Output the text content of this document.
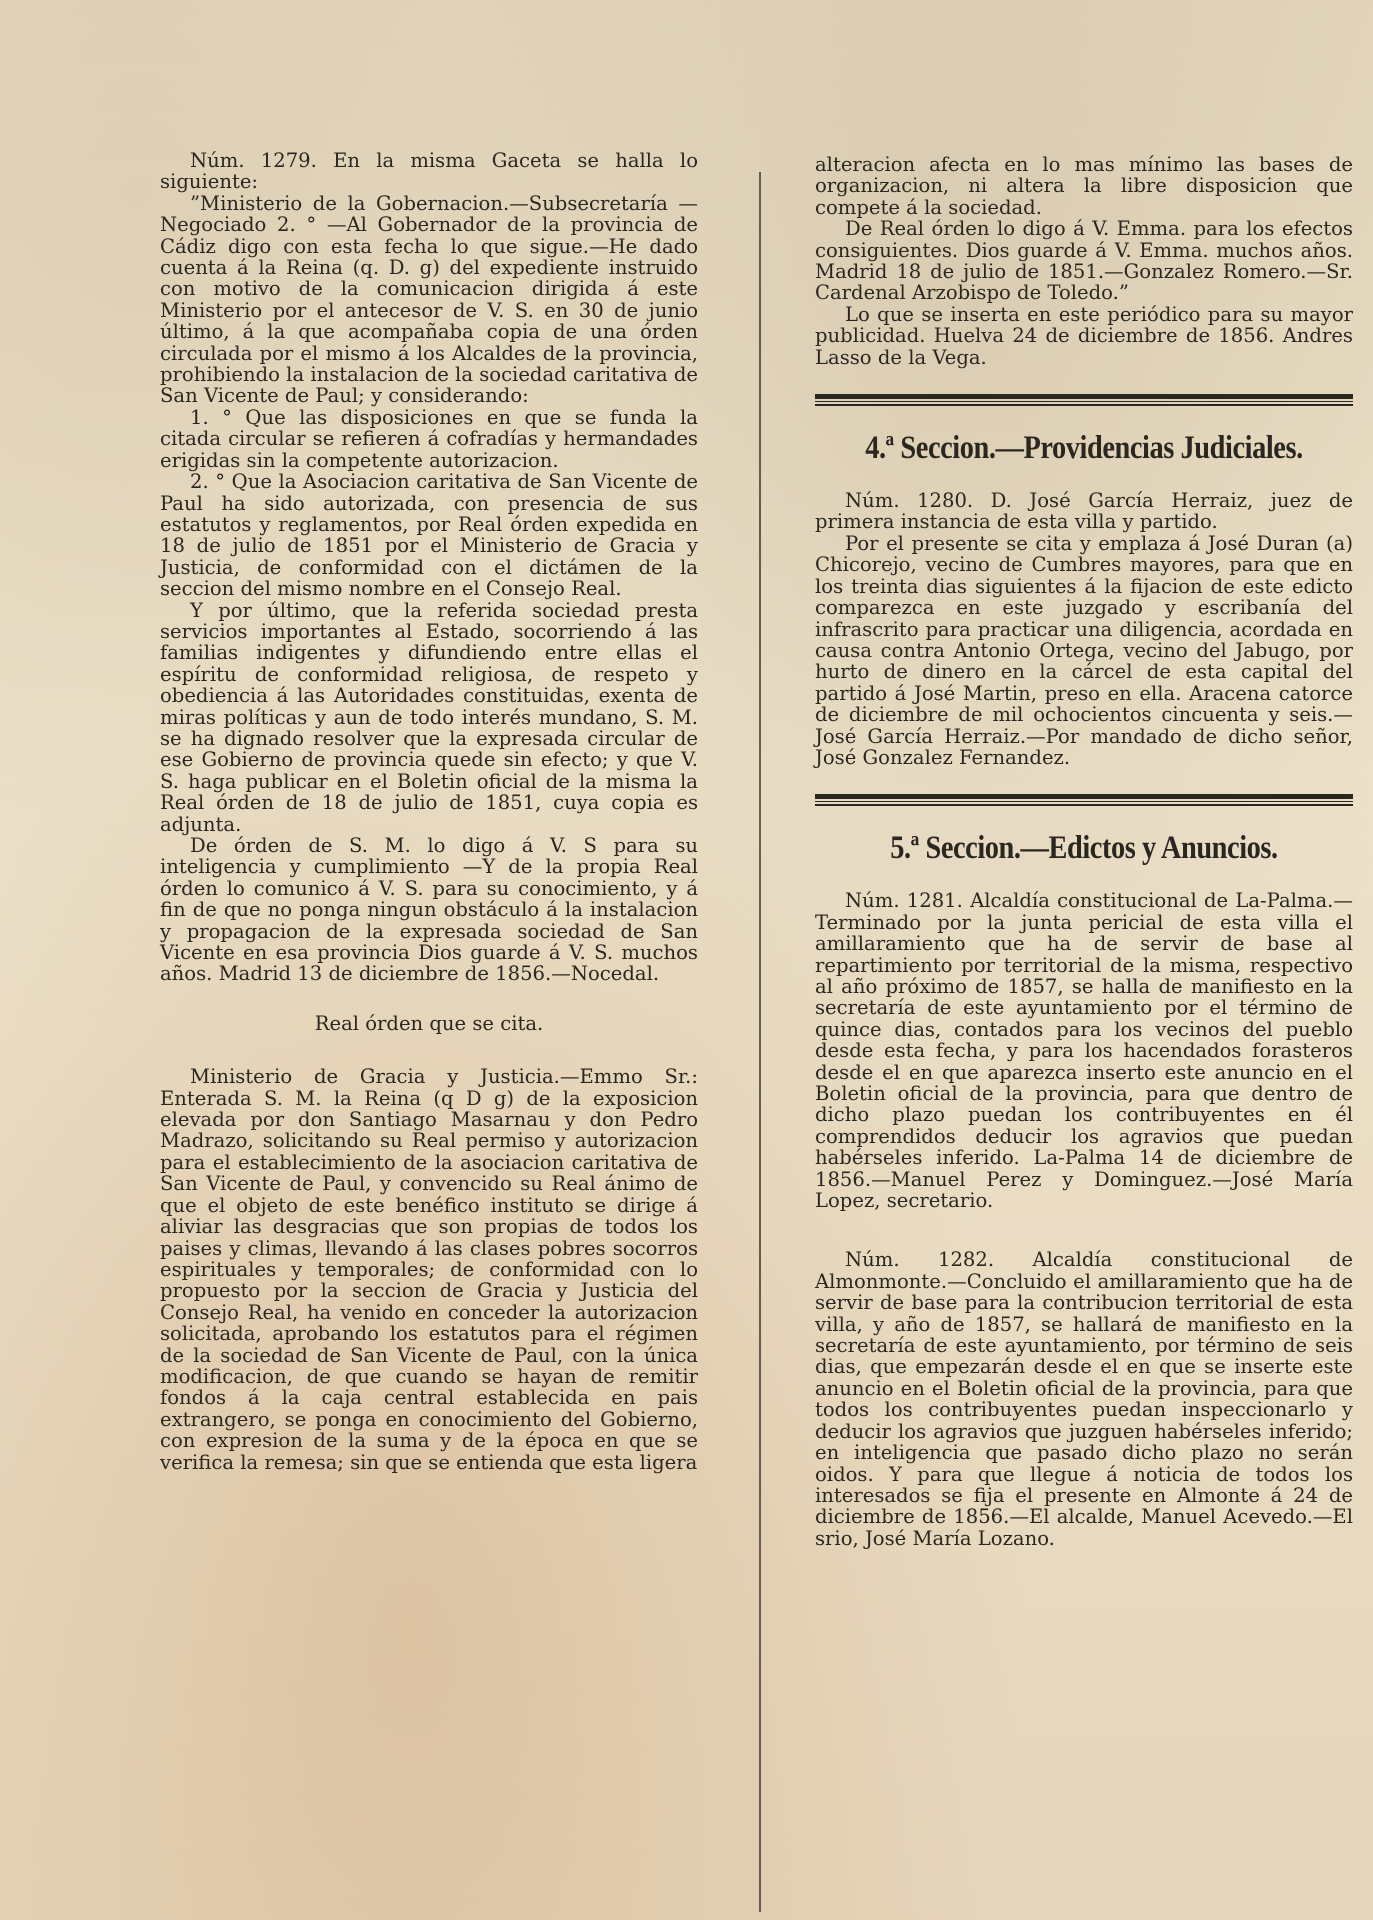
Núm. 1279. En la misma Gaceta se halla lo siguiente:

”Ministerio de la Gobernacion.—Subsecretaría —Negociado 2. ° —Al Gobernador de la provincia de Cádiz digo con esta fecha lo que sigue.—He dado cuenta á la Reina (q. D. g) del expediente instruido con motivo de la comunicacion dirigida á este Ministerio por el antecesor de V. S. en 30 de junio último, á la que acompañaba copia de una órden circulada por el mismo á los Alcaldes de la provincia, prohibiendo la instalacion de la sociedad caritativa de San Vicente de Paul; y considerando:

1. ° Que las disposiciones en que se funda la citada circular se refieren á cofradías y hermandades erigidas sin la competente autorizacion.

2. ° Que la Asociacion caritativa de San Vicente de Paul ha sido autorizada, con presencia de sus estatutos y reglamentos, por Real órden expedida en 18 de julio de 1851 por el Ministerio de Gracia y Justicia, de conformidad con el dictámen de la seccion del mismo nombre en el Consejo Real.

Y por último, que la referida sociedad presta servicios importantes al Estado, socorriendo á las familias indigentes y difundiendo entre ellas el espíritu de conformidad religiosa, de respeto y obediencia á las Autoridades constituidas, exenta de miras políticas y aun de todo interés mundano, S. M. se ha dignado resolver que la expresada circular de ese Gobierno de provincia quede sin efecto; y que V. S. haga publicar en el Boletin oficial de la misma la Real órden de 18 de julio de 1851, cuya copia es adjunta.

De órden de S. M. lo digo á V. S para su inteligencia y cumplimiento —Y de la propia Real órden lo comunico á V. S. para su conocimiento, y á fin de que no ponga ningun obstáculo á la instalacion y propagacion de la expresada sociedad de San Vicente en esa provincia Dios guarde á V. S. muchos años. Madrid 13 de diciembre de 1856.—Nocedal.

Real órden que se cita.

Ministerio de Gracia y Justicia.—Emmo Sr.: Enterada S. M. la Reina (q D g) de la exposicion elevada por don Santiago Masarnau y don Pedro Madrazo, solicitando su Real permiso y autorizacion para el establecimiento de la asociacion caritativa de San Vicente de Paul, y convencido su Real ánimo de que el objeto de este benéfico instituto se dirige á aliviar las desgracias que son propias de todos los paises y climas, llevando á las clases pobres socorros espirituales y temporales; de conformidad con lo propuesto por la seccion de Gracia y Justicia del Consejo Real, ha venido en conceder la autorizacion solicitada, aprobando los estatutos para el régimen de la sociedad de San Vicente de Paul, con la única modificacion, de que cuando se hayan de remitir fondos á la caja central establecida en pais extrangero, se ponga en conocimiento del Gobierno, con expresion de la suma y de la época en que se verifica la remesa; sin que se entienda que esta ligera

alteracion afecta en lo mas mínimo las bases de organizacion, ni altera la libre disposicion que compete á la sociedad.

De Real órden lo digo á V. Emma. para los efectos consiguientes. Dios guarde á V. Emma. muchos años. Madrid 18 de julio de 1851.—Gonzalez Romero.—Sr. Cardenal Arzobispo de Toledo.”

Lo que se inserta en este periódico para su mayor publicidad. Huelva 24 de diciembre de 1856. Andres Lasso de la Vega.

4.ª Seccion.—Providencias Judiciales.

Núm. 1280. D. José García Herraiz, juez de primera instancia de esta villa y partido.

Por el presente se cita y emplaza á José Duran (a) Chicorejo, vecino de Cumbres mayores, para que en los treinta dias siguientes á la fijacion de este edicto comparezca en este juzgado y escribanía del infrascrito para practicar una diligencia, acordada en causa contra Antonio Ortega, vecino del Jabugo, por hurto de dinero en la cárcel de esta capital del partido á José Martin, preso en ella. Aracena catorce de diciembre de mil ochocientos cincuenta y seis.—José García Herraiz.—Por mandado de dicho señor, José Gonzalez Fernandez.

5.ª Seccion.—Edictos y Anuncios.

Núm. 1281. Alcaldía constitucional de La-Palma.—Terminado por la junta pericial de esta villa el amillaramiento que ha de servir de base al repartimiento por territorial de la misma, respectivo al año próximo de 1857, se halla de manifiesto en la secretaría de este ayuntamiento por el término de quince dias, contados para los vecinos del pueblo desde esta fecha, y para los hacendados forasteros desde el en que aparezca inserto este anuncio en el Boletin oficial de la provincia, para que dentro de dicho plazo puedan los contribuyentes en él comprendidos deducir los agravios que puedan habérseles inferido. La-Palma 14 de diciembre de 1856.—Manuel Perez y Dominguez.—José María Lopez, secretario.

Núm. 1282. Alcaldía constitucional de Almonmonte.—Concluido el amillaramiento que ha de servir de base para la contribucion territorial de esta villa, y año de 1857, se hallará de manifiesto en la secretaría de este ayuntamiento, por término de seis dias, que empezarán desde el en que se inserte este anuncio en el Boletin oficial de la provincia, para que todos los contribuyentes puedan inspeccionarlo y deducir los agravios que juzguen habérseles inferido; en inteligencia que pasado dicho plazo no serán oidos. Y para que llegue á noticia de todos los interesados se fija el presente en Almonte á 24 de diciembre de 1856.—El alcalde, Manuel Acevedo.—El srio, José María Lozano.
